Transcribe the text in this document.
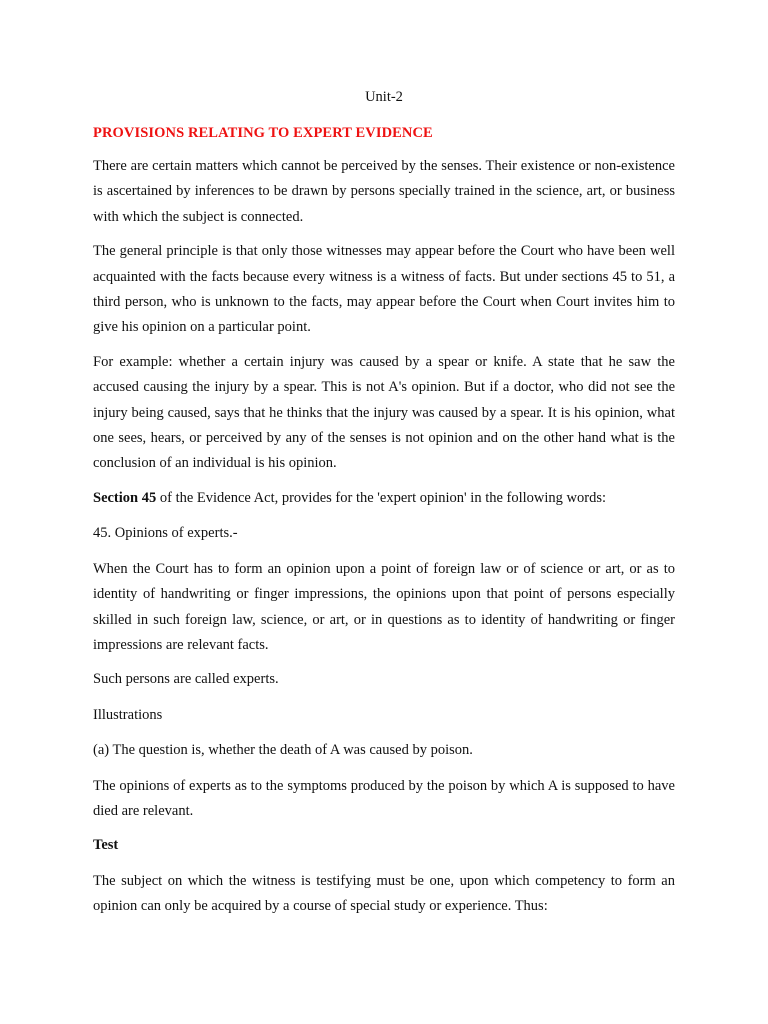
Unit-2
PROVISIONS RELATING TO EXPERT EVIDENCE

There are certain matters which cannot be perceived by the senses. Their existence or non-existence is ascertained by inferences to be drawn by persons specially trained in the science, art, or business with which the subject is connected.

The general principle is that only those witnesses may appear before the Court who have been well acquainted with the facts because every witness is a witness of facts. But under sections 45 to 51, a third person, who is unknown to the facts, may appear before the Court when Court invites him to give his opinion on a particular point.

For example: whether a certain injury was caused by a spear or knife. A state that he saw the accused causing the injury by a spear. This is not A's opinion. But if a doctor, who did not see the injury being caused, says that he thinks that the injury was caused by a spear. It is his opinion, what one sees, hears, or perceived by any of the senses is not opinion and on the other hand what is the conclusion of an individual is his opinion.

Section 45 of the Evidence Act, provides for the 'expert opinion' in the following words:

45. Opinions of experts.-

When the Court has to form an opinion upon a point of foreign law or of science or art, or as to identity of handwriting or finger impressions, the opinions upon that point of persons especially skilled in such foreign law, science, or art, or in questions as to identity of handwriting or finger impressions are relevant facts.

Such persons are called experts.

Illustrations

(a) The question is, whether the death of A was caused by poison.

The opinions of experts as to the symptoms produced by the poison by which A is supposed to have died are relevant.

Test

The subject on which the witness is testifying must be one, upon which competency to form an opinion can only be acquired by a course of special study or experience. Thus:
